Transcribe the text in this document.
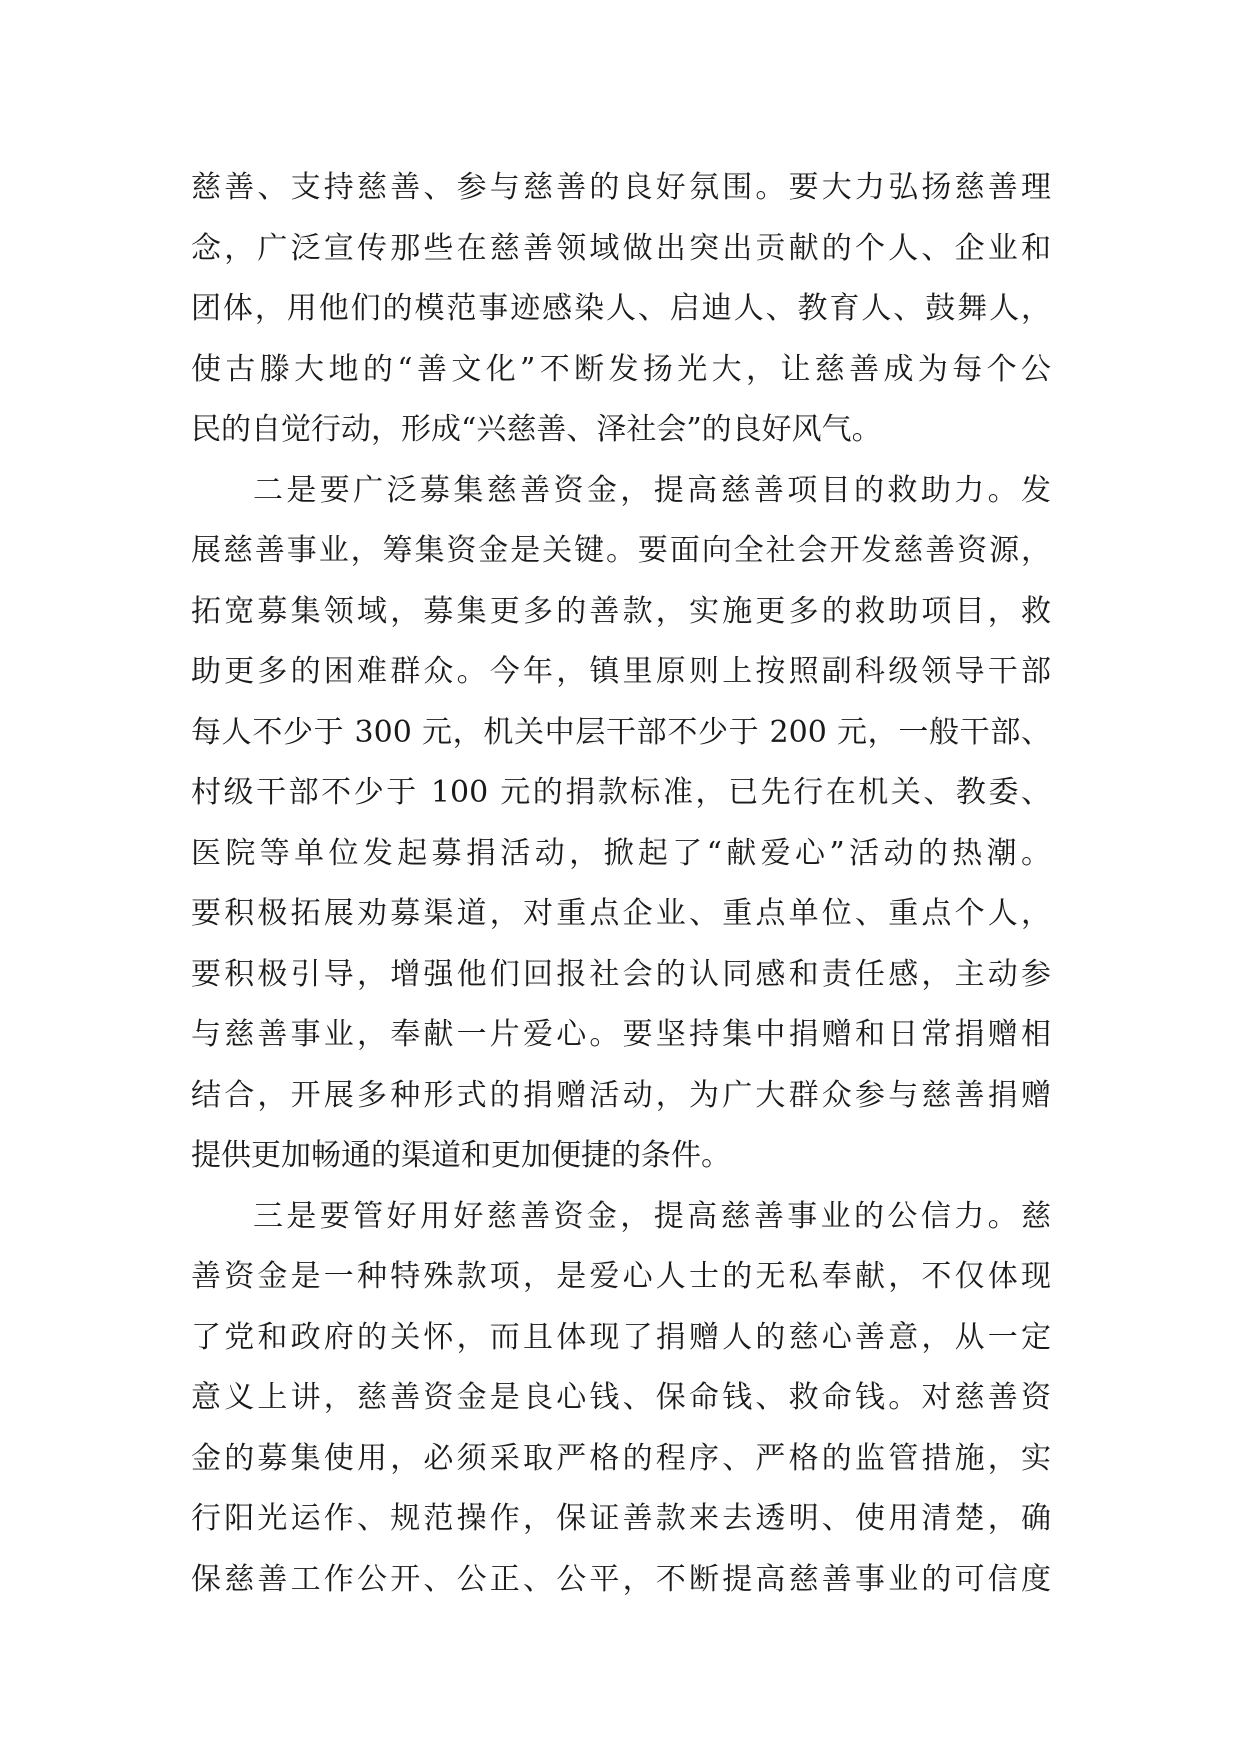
慈善、支持慈善、参与慈善的良好氛围。要大力弘扬慈善理
念，广泛宣传那些在慈善领域做出突出贡献的个人、企业和
团体，用他们的模范事迹感染人、启迪人、教育人、鼓舞人，
使古滕大地的“善文化”不断发扬光大，让慈善成为每个公
民的自觉行动，形成“兴慈善、泽社会”的良好风气。
二是要广泛募集慈善资金，提高慈善项目的救助力。发
展慈善事业，筹集资金是关键。要面向全社会开发慈善资源，
拓宽募集领域，募集更多的善款，实施更多的救助项目，救
助更多的困难群众。今年，镇里原则上按照副科级领导干部
每人不少于 300 元，机关中层干部不少于 200 元，一般干部、
村级干部不少于 100 元的捐款标准，已先行在机关、教委、
医院等单位发起募捐活动，掀起了“献爱心”活动的热潮。
要积极拓展劝募渠道，对重点企业、重点单位、重点个人，
要积极引导，增强他们回报社会的认同感和责任感，主动参
与慈善事业，奉献一片爱心。要坚持集中捐赠和日常捐赠相
结合，开展多种形式的捐赠活动，为广大群众参与慈善捐赠
提供更加畅通的渠道和更加便捷的条件。
三是要管好用好慈善资金，提高慈善事业的公信力。慈
善资金是一种特殊款项，是爱心人士的无私奉献，不仅体现
了党和政府的关怀，而且体现了捐赠人的慈心善意，从一定
意义上讲，慈善资金是良心钱、保命钱、救命钱。对慈善资
金的募集使用，必须采取严格的程序、严格的监管措施，实
行阳光运作、规范操作，保证善款来去透明、使用清楚，确
保慈善工作公开、公正、公平，不断提高慈善事业的可信度
